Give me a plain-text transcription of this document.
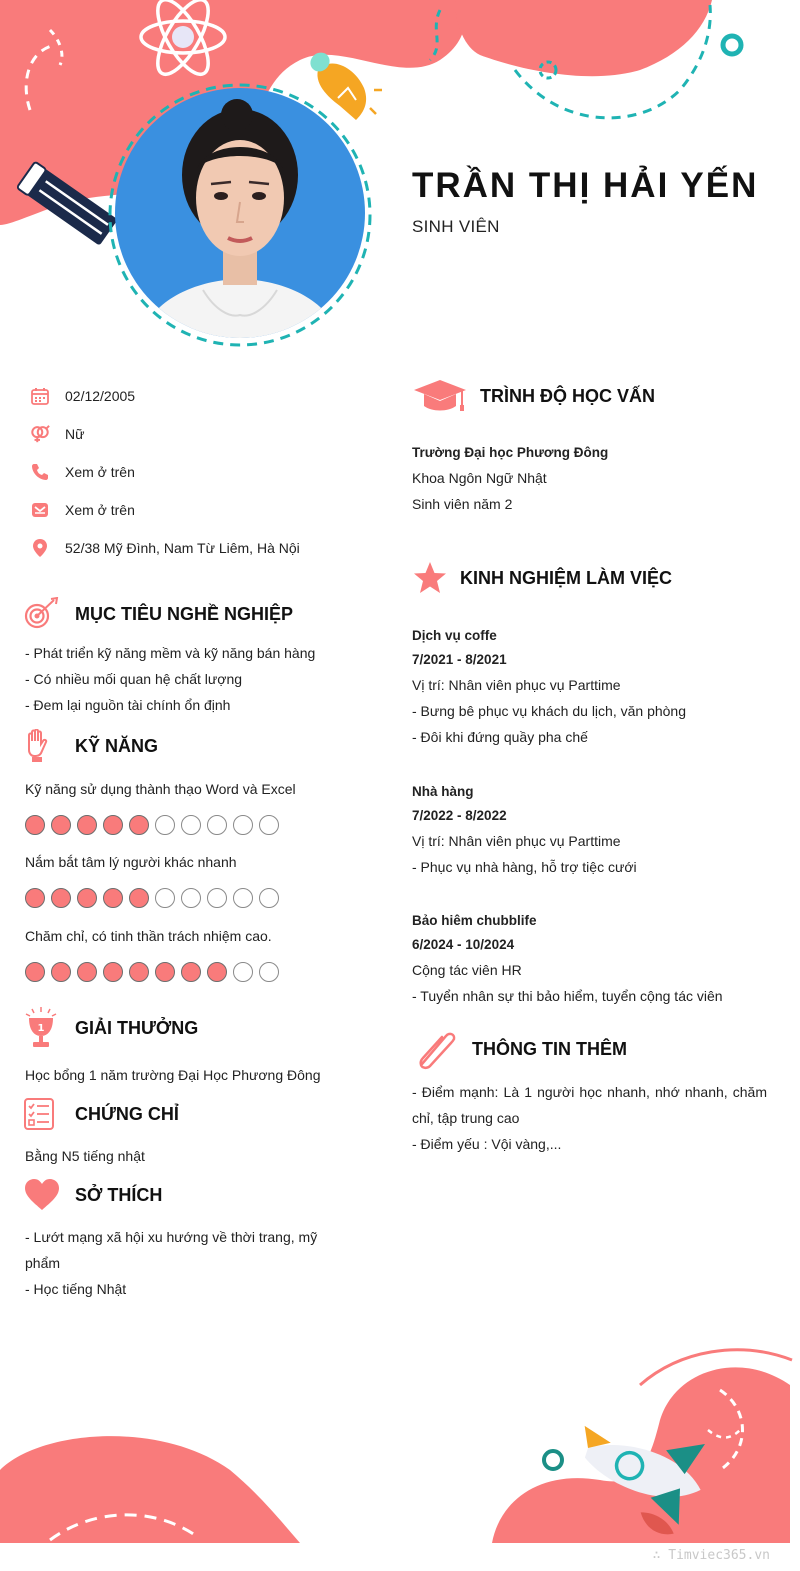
TRẦN THỊ HẢI YẾN
SINH VIÊN
02/12/2005
Nữ
Xem ở trên
Xem ở trên
52/38 Mỹ Đình, Nam Từ Liêm, Hà Nội
MỤC TIÊU NGHỀ NGHIỆP
- Phát triển kỹ năng mềm và kỹ năng bán hàng
- Có nhiều mối quan hệ chất lượng
- Đem lại nguồn tài chính ổn định
KỸ NĂNG
Kỹ năng sử dụng thành thạo Word và Excel
Nắm bắt tâm lý người khác nhanh
Chăm chỉ, có tinh thần trách nhiệm cao.
1 GIẢI THƯỞNG
Học bổng 1 năm trường Đại Học Phương Đông
CHỨNG CHỈ
Bằng N5 tiếng nhật
SỞ THÍCH
- Lướt mạng xã hội xu hướng về thời trang, mỹ
phẩm
- Học tiếng Nhật
TRÌNH ĐỘ HỌC VẤN
Trường Đại học Phương Đông
Khoa Ngôn Ngữ Nhật
Sinh viên năm 2
KINH NGHIỆM LÀM VIỆC
Dịch vụ coffe
7/2021 - 8/2021
Vị trí: Nhân viên phục vụ Parttime
- Bưng bê phục vụ khách du lịch, văn phòng
- Đôi khi đứng quầy pha chế
Nhà hàng
7/2022 - 8/2022
Vị trí: Nhân viên phục vụ Parttime
- Phục vụ nhà hàng, hỗ trợ tiệc cưới
Bảo hiêm chubblife
6/2024 - 10/2024
Cộng tác viên HR
- Tuyển nhân sự thi bảo hiểm, tuyển cộng tác viên
THÔNG TIN THÊM
- Điểm mạnh: Là 1 người học nhanh, nhớ nhanh, chăm
chỉ, tập trung cao
- Điểm yếu : Vội vàng,...
∴ Timviec365.vn
